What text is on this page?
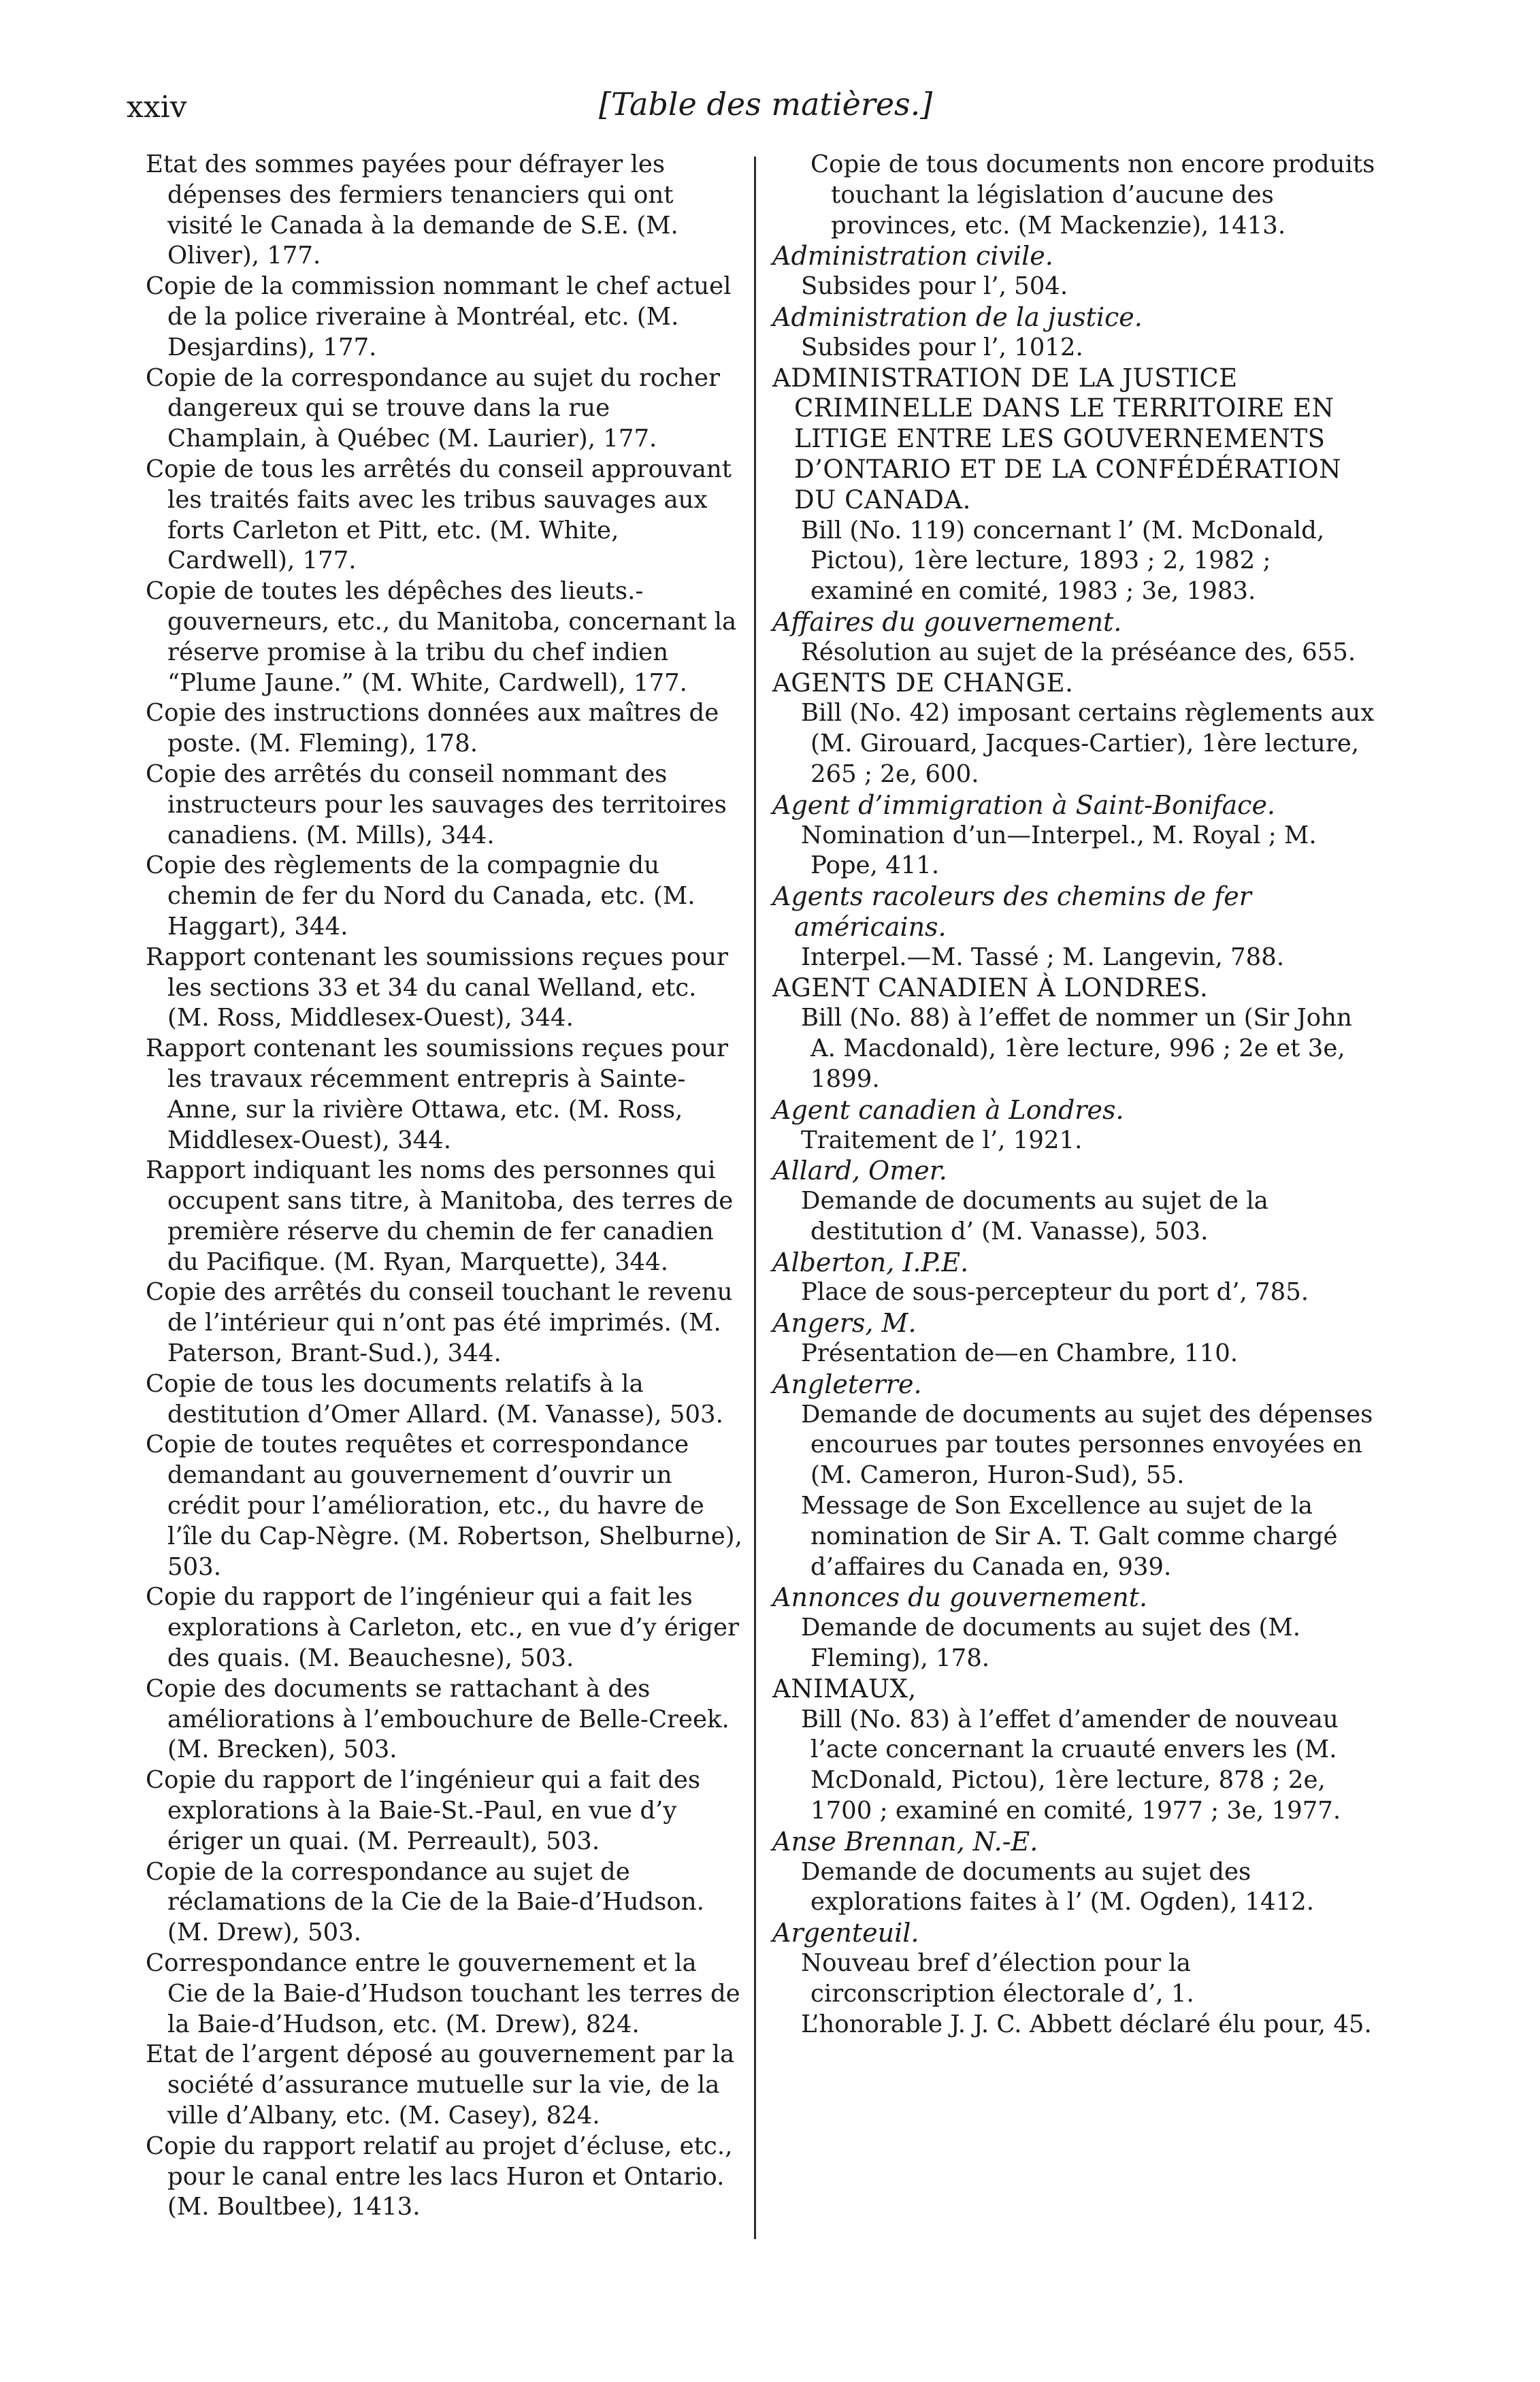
xxiv	[Table des matières.]

Etat des sommes payées pour défrayer les dépenses des fermiers tenanciers qui ont visité le Canada à la demande de S.E. (M. Oliver), 177.

Copie de la commission nommant le chef actuel de la police riveraine à Montréal, etc. (M. Desjardins), 177.

Copie de la correspondance au sujet du rocher dangereux qui se trouve dans la rue Champlain, à Québec (M. Laurier), 177.

Copie de tous les arrêtés du conseil approuvant les traités faits avec les tribus sauvages aux forts Carleton et Pitt, etc. (M. White, Cardwell), 177.

Copie de toutes les dépêches des lieuts.-gouverneurs, etc., du Manitoba, concernant la réserve promise à la tribu du chef indien “Plume Jaune.” (M. White, Cardwell), 177.

Copie des instructions données aux maîtres de poste. (M. Fleming), 178.

Copie des arrêtés du conseil nommant des instructeurs pour les sauvages des territoires canadiens. (M. Mills), 344.

Copie des règlements de la compagnie du chemin de fer du Nord du Canada, etc. (M. Haggart), 344.

Rapport contenant les soumissions reçues pour les sections 33 et 34 du canal Welland, etc. (M. Ross, Middlesex-Ouest), 344.

Rapport contenant les soumissions reçues pour les travaux récemment entrepris à Sainte-Anne, sur la rivière Ottawa, etc. (M. Ross, Middlesex-Ouest), 344.

Rapport indiquant les noms des personnes qui occupent sans titre, à Manitoba, des terres de première réserve du chemin de fer canadien du Pacifique. (M. Ryan, Marquette), 344.

Copie des arrêtés du conseil touchant le revenu de l’intérieur qui n’ont pas été imprimés. (M. Paterson, Brant-Sud.), 344.

Copie de tous les documents relatifs à la destitution d’Omer Allard. (M. Vanasse), 503.

Copie de toutes requêtes et correspondance demandant au gouvernement d’ouvrir un crédit pour l’amélioration, etc., du havre de l’île du Cap-Nègre. (M. Robertson, Shelburne), 503.

Copie du rapport de l’ingénieur qui a fait les explorations à Carleton, etc., en vue d’y ériger des quais. (M. Beauchesne), 503.

Copie des documents se rattachant à des améliorations à l’embouchure de Belle-Creek. (M. Brecken), 503.

Copie du rapport de l’ingénieur qui a fait des explorations à la Baie-St.-Paul, en vue d’y ériger un quai. (M. Perreault), 503.

Copie de la correspondance au sujet de réclamations de la Cie de la Baie-d’Hudson. (M. Drew), 503.

Correspondance entre le gouvernement et la Cie de la Baie-d’Hudson touchant les terres de la Baie-d’Hudson, etc. (M. Drew), 824.

Etat de l’argent déposé au gouvernement par la société d’assurance mutuelle sur la vie, de la ville d’Albany, etc. (M. Casey), 824.

Copie du rapport relatif au projet d’écluse, etc., pour le canal entre les lacs Huron et Ontario. (M. Boultbee), 1413.

Copie de tous documents non encore produits touchant la législation d’aucune des provinces, etc. (M Mackenzie), 1413.

Administration civile.

Subsides pour l’, 504.

Administration de la justice.

Subsides pour l’, 1012.

ADMINISTRATION DE LA JUSTICE CRIMINELLE DANS LE TERRITOIRE EN LITIGE ENTRE LES GOUVERNEMENTS D’ONTARIO ET DE LA CONFÉDÉRATION DU CANADA.

Bill (No. 119) concernant l’ (M. McDonald, Pictou), 1ère lecture, 1893 ; 2, 1982 ; examiné en comité, 1983 ; 3e, 1983.

Affaires du gouvernement.

Résolution au sujet de la préséance des, 655.

AGENTS DE CHANGE.

Bill (No. 42) imposant certains règlements aux (M. Girouard, Jacques-Cartier), 1ère lecture, 265 ; 2e, 600.

Agent d’immigration à Saint-Boniface.

Nomination d’un—Interpel., M. Royal ; M. Pope, 411.

Agents racoleurs des chemins de fer américains.

Interpel.—M. Tassé ; M. Langevin, 788.

AGENT CANADIEN À LONDRES.

Bill (No. 88) à l’effet de nommer un (Sir John A. Macdonald), 1ère lecture, 996 ; 2e et 3e, 1899.

Agent canadien à Londres.

Traitement de l’, 1921.

Allard, Omer.

Demande de documents au sujet de la destitution d’ (M. Vanasse), 503.

Alberton, I.P.E.

Place de sous-percepteur du port d’, 785.

Angers, M.

Présentation de—en Chambre, 110.

Angleterre.

Demande de documents au sujet des dépenses encourues par toutes personnes envoyées en (M. Cameron, Huron-Sud), 55.

Message de Son Excellence au sujet de la nomination de Sir A. T. Galt comme chargé d’affaires du Canada en, 939.

Annonces du gouvernement.

Demande de documents au sujet des (M. Fleming), 178.

ANIMAUX,

Bill (No. 83) à l’effet d’amender de nouveau l’acte concernant la cruauté envers les (M. McDonald, Pictou), 1ère lecture, 878 ; 2e, 1700 ; examiné en comité, 1977 ; 3e, 1977.

Anse Brennan, N.-E.

Demande de documents au sujet des explorations faites à l’ (M. Ogden), 1412.

Argenteuil.

Nouveau bref d’élection pour la circonscription électorale d’, 1.

L’honorable J. J. C. Abbett déclaré élu pour, 45.
